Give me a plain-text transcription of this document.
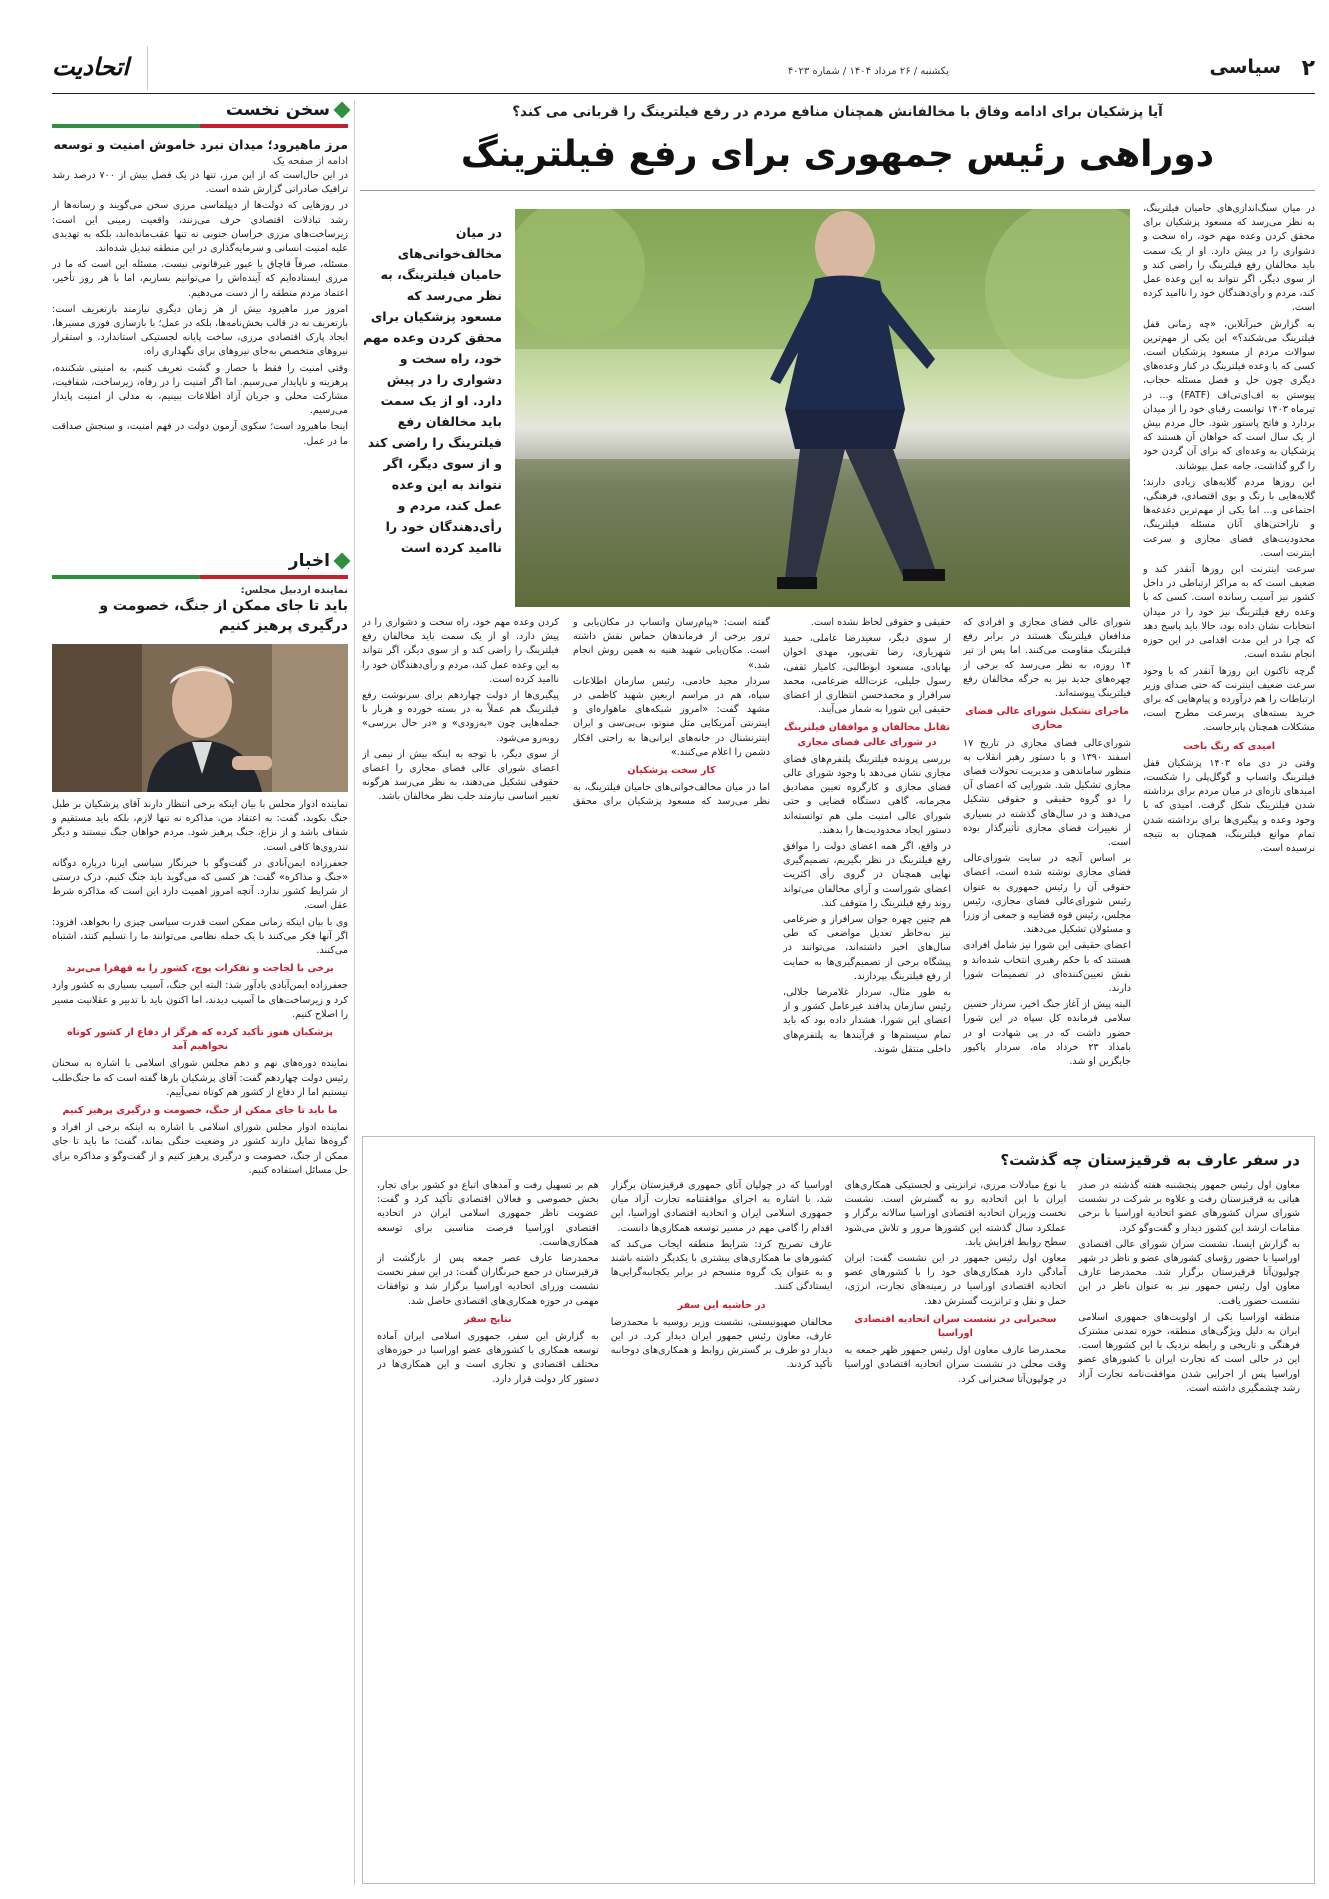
۲
سیاسی
یکشنبه / ۲۶ مرداد ۱۴۰۴ / شماره ۴۰۲۳
اتحادیت
آیا پزشکیان برای ادامه وفاق با مخالفانش همچنان منافع مردم در رفع فیلترینگ را قربانی می کند؟
دوراهی رئیس جمهوری برای رفع فیلترینگ
در میان مخالف‌خوانی‌های حامیان فیلترینگ، به نظر می‌رسد که مسعود پزشکیان برای محقق کردن وعده مهم خود، راه سخت و دشواری را در پیش دارد. او از یک سمت باید مخالفان رفع فیلترینگ را راضی کند و از سوی دیگر، اگر نتواند به این وعده عمل کند، مردم و رأی‌دهندگان خود را ناامید کرده است

در میان سنگ‌اندازی‌های حامیان فیلترینگ، به نظر می‌رسد که مسعود پزشکیان برای محقق کردن وعده مهم خود، راه سخت و دشواری را در پیش دارد. او از یک سمت باید مخالفان رفع فیلترینگ را راضی کند و از سوی دیگر، اگر نتواند به این وعده عمل کند، مردم و رأی‌دهندگان خود را ناامید کرده است.

به گزارش خبرآنلاین، «چه زمانی قفل فیلترینگ می‌شکند؟» این یکی از مهم‌ترین سوالات مردم از مسعود پزشکیان است. کسی که با وعده فیلترینگ در کنار وعده‌های دیگری چون حل و فصل مسئله حجاب، پیوستن به اف‌ای‌تی‌اف (FATF) و... در تیرماه ۱۴۰۳ توانست رقبای خود را از میدان بردارد و فاتح پاستور شود. حال مردم بیش از یک سال است که خواهان آن هستند که پزشکیان به وعده‌ای که برای آن گردن خود را گرو گذاشت، جامه عمل بپوشاند.

این روزها مردم گلایه‌های زیادی دارند؛ گلایه‌هایی با رنگ و بوی اقتصادی، فرهنگی، اجتماعی و... اما یکی از مهم‌ترین دغدغه‌ها و ناراحتی‌های آنان مسئله فیلترینگ، محدودیت‌های فضای مجازی و سرعت اینترنت است.

سرعت اینترنت این روزها آنقدر کند و ضعیف است که به مراکز ارتباطی در داخل کشور نیز آسیب رسانده است. کسی که با وعده رفع فیلترینگ نیز خود را در میدان انتخابات نشان داده بود، حالا باید پاسخ دهد که چرا در این مدت اقدامی در این حوزه انجام نشده است.

گرچه تاکنون این روزها آنقدر که با وجود سرعت ضعیف اینترنت که حتی صدای وزیر ارتباطات را هم درآورده و پیام‌هایی که برای خرید بسته‌های پرسرعت مطرح است، مشکلات همچنان پابرجاست.

امیدی که رنگ باخت

وقتی در دی ماه ۱۴۰۳ پزشکیان قفل فیلترینگ واتساپ و گوگل‌پلی را شکست، امیدهای تازه‌ای در میان مردم برای برداشته شدن فیلترینگ شکل گرفت. امیدی که با وجود وعده و پیگیری‌ها برای برداشته شدن تمام موانع فیلترینگ، همچنان به نتیجه نرسیده است.

شورای عالی فضای مجازی و افرادی که مدافعان فیلترینگ هستند در برابر رفع فیلترینگ مقاومت می‌کنند. اما پس از تیر ۱۴ روزه، به نظر می‌رسد که برخی از چهره‌های جدید نیز به جرگه مخالفان رفع فیلترینگ پیوسته‌اند.

ماجرای تشکیل شورای عالی فضای مجازی

شورای‌عالی فضای مجازی در تاریخ ۱۷ اسفند ۱۳۹۰ و با دستور رهبر انقلاب به منظور ساماندهی و مدیریت تحولات فضای مجازی تشکیل شد. شورایی که اعضای آن را دو گروه حقیقی و حقوقی تشکیل می‌دهند و در سال‌های گذشته در بسیاری از تغییرات فضای مجازی تأثیرگذار بوده است.

بر اساس آنچه در سایت شورای‌عالی فضای مجازی نوشته شده است، اعضای حقوقی آن را رئیس جمهوری به عنوان رئیس شورای‌عالی فضای مجازی، رئیس مجلس، رئیس قوه قضاییه و جمعی از وزرا و مسئولان تشکیل می‌دهند.

اعضای حقیقی این شورا نیز شامل افرادی هستند که با حکم رهبری انتخاب شده‌اند و نقش تعیین‌کننده‌ای در تصمیمات شورا دارند.

البته پیش از آغاز جنگ اخیر، سردار حسین سلامی فرمانده کل سپاه در این شورا حضور داشت که در پی شهادت او در بامداد ۲۳ خرداد ماه، سردار پاکپور جایگزین او شد.

حقیقی و حقوقی لحاظ نشده است.

از سوی دیگر، سعیدرضا عاملی، حمید شهریاری، رضا تقی‌پور، مهدی اخوان بهابادی، مسعود ابوطالبی، کامیار ثقفی، رسول جلیلی، عزت‌الله ضرغامی، محمد سرافراز و محمدحسن انتظاری از اعضای حقیقی این شورا به شمار می‌آیند.

تقابل مخالفان و موافقان فیلترینگ در شورای عالی فضای مجازی

بررسی پرونده فیلترینگ پلتفرم‌های فضای مجازی نشان می‌دهد با وجود شورای عالی فضای مجازی و کارگروه تعیین مصادیق مجرمانه، گاهی دستگاه قضایی و حتی شورای عالی امنیت ملی هم توانسته‌اند دستور ایجاد محدودیت‌ها را بدهند.

در واقع، اگر همه اعضای دولت را موافق رفع فیلترینگ در نظر بگیریم، تصمیم‌گیری نهایی همچنان در گروی رأی اکثریت اعضای شوراست و آرای مخالفان می‌تواند روند رفع فیلترینگ را متوقف کند.

هم چنین چهره جوان سرافراز و ضرغامی نیز به‌خاطر تعدیل مواضعی که طی سال‌های اخیر داشته‌اند، می‌توانند در پیشگاه برخی از تصمیم‌گیری‌ها به حمایت از رفع فیلترینگ بپردازند.

به طور مثال، سردار غلامرضا جلالی، رئیس سازمان پدافند غیرعامل کشور و از اعضای این شورا، هشدار داده بود که باید تمام سیستم‌ها و فرآیندها به پلتفرم‌های داخلی منتقل شوند.

گفته است: «پیام‌رسان واتساپ در مکان‌یابی و ترور برخی از فرماندهان حماس نقش داشته است. مکان‌یابی شهید هنیه به همین روش انجام شد.»

سردار مجید خادمی، رئیس سازمان اطلاعات سپاه، هم در مراسم اربعین شهید کاظمی در مشهد گفت: «امروز شبکه‌های ماهواره‌ای و اینترنتی آمریکایی مثل منوتو، بی‌بی‌سی و ایران اینترنشنال در خانه‌های ایرانی‌ها به راحتی افکار دشمن را اعلام می‌کنند.»

کار سخت پزشکیان

اما در میان مخالف‌خوانی‌های حامیان فیلترینگ، به نظر می‌رسد که مسعود پزشکیان برای محقق کردن وعده مهم خود، راه سخت و دشواری را در پیش دارد. او از یک سمت باید مخالفان رفع فیلترینگ را راضی کند و از سوی دیگر، اگر نتواند به این وعده عمل کند، مردم و رأی‌دهندگان خود را ناامید کرده است.

پیگیری‌ها از دولت چهاردهم برای سرنوشت رفع فیلترینگ هم عملاً به در بسته خورده و هربار با جمله‌هایی چون «به‌زودی» و «در حال بررسی» روبه‌رو می‌شود.

از سوی دیگر، با توجه به اینکه بیش از نیمی از اعضای شورای عالی فضای مجازی را اعضای حقوقی تشکیل می‌دهند، به نظر می‌رسد هرگونه تغییر اساسی نیازمند جلب نظر مخالفان باشد.

سخن نخست
مرز ماهیرود؛ میدان نبرد خاموش امنیت و توسعه
ادامه از صفحه یک

در این حال‌است که از این مرز، تنها در یک فصل بیش از ۷۰۰ درصد رشد ترافیک صادراتی گزارش شده است.

در روزهایی که دولت‌ها از دیپلماسی مرزی سخن می‌گویند و رسانه‌ها از رشد تبادلات اقتصادی حرف می‌زنند، واقعیت زمینی این است: زیرساخت‌های مرزی خراسان جنوبی نه تنها عقب‌مانده‌اند، بلکه به تهدیدی علیه امنیت انسانی و سرمایه‌گذاری در این منطقه تبدیل شده‌اند.

مسئله، صرفاً قاچاق یا عبور غیرقانونی نیست. مسئله این است که ما در مرزی ایستاده‌ایم که آینده‌اش را می‌توانیم بسازیم، اما با هر روز تأخیر، اعتماد مردم منطقه را از دست می‌دهیم.

امروز مرز ماهیرود بیش از هر زمان دیگری نیازمند بازتعریف است: بازتعریف نه در قالب بخش‌نامه‌ها، بلکه در عمل؛ با بازسازی فوری مسیرها، ایجاد پارک اقتصادی مرزی، ساخت پایانه لجستیکی استاندارد، و استقرار نیروهای متخصص به‌جای نیروهای برای نگهداری راه.

وقتی امنیت را فقط با حصار و گشت تعریف کنیم، به امنیتی شکننده، پرهزینه و ناپایدار می‌رسیم. اما اگر امنیت را در رفاه، زیرساخت، شفافیت، مشارکت محلی و جریان آزاد اطلاعات ببینیم، به مدلی از امنیت پایدار می‌رسیم.

اینجا ماهیرود است؛ سکوی آزمون دولت در فهم امنیت، و سنجش صداقت ما در عمل.

اخبار
نماینده اردبیل مجلس:
باید تا جای ممکن از جنگ، خصومت و درگیری پرهیز کنیم

نماینده ادوار مجلس با بیان اینکه برخی انتظار دارند آقای پزشکیان بر طبل جنگ بکوبد، گفت: به اعتقاد من، مذاکره نه تنها لازم، بلکه باید مستقیم و شفاف باشد و از نزاع، جنگ پرهیز شود. مردم خواهان جنگ نیستند و دیگر تندروی‌ها کافی است.

جعفرزاده ایمن‌آبادی در گفت‌وگو با خبرنگار سیاسی ایرنا درباره دوگانه «جنگ و مذاکره» گفت: هر کسی که می‌گوید باید جنگ کنیم، درک درستی از شرایط کشور ندارد. آنچه امروز اهمیت دارد این است که مذاکره شرط عقل است.

وی با بیان اینکه زمانی ممکن است قدرت سیاسی چیزی را بخواهد، افزود: اگر آنها فکر می‌کنند با یک حمله نظامی می‌توانند ما را تسلیم کنند، اشتباه می‌کنند.

برخی با لجاجت و تفکرات پوچ، کشور را به قهقرا می‌برند

جعفرزاده ایمن‌آبادی یادآور شد: البته این جنگ، آسیب بسیاری به کشور وارد کرد و زیرساخت‌های ما آسیب دیدند، اما اکنون باید با تدبیر و عقلانیت مسیر را اصلاح کنیم.

پزشکیان هنوز تأکید کرده که هرگز از دفاع از کشور کوتاه نخواهیم آمد

نماینده دوره‌های نهم و دهم مجلس شورای اسلامی با اشاره به سخنان رئیس دولت چهاردهم گفت: آقای پزشکیان بارها گفته است که ما جنگ‌طلب نیستیم اما از دفاع از کشور هم کوتاه نمی‌آییم.

ما باید تا جای ممکن از جنگ، خصومت و درگیری پرهیز کنیم

نماینده ادوار مجلس شورای اسلامی با اشاره به اینکه برخی از افراد و گروه‌ها تمایل دارند کشور در وضعیت جنگی بماند، گفت: ما باید تا جای ممکن از جنگ، خصومت و درگیری پرهیز کنیم و از گفت‌وگو و مذاکره برای حل مسائل استفاده کنیم.

در سفر عارف به قرقیزستان چه گذشت؟

معاون اول رئیس جمهور پنجشنبه هفته گذشته در صدر هیاتی به قرقیزستان رفت و علاوه بر شرکت در نشست شورای سران کشورهای عضو اتحادیه اوراسیا با برخی مقامات ارشد این کشور دیدار و گفت‌وگو کرد.

به گزارش ایسنا، نشست سران شورای عالی اقتصادی اوراسیا با حضور رؤسای کشورهای عضو و ناظر در شهر چولپون‌آتا قرقیزستان برگزار شد. محمدرضا عارف معاون اول رئیس جمهور نیز به عنوان ناظر در این نشست حضور یافت.

منطقه اوراسیا یکی از اولویت‌های جمهوری اسلامی ایران به دلیل ویژگی‌های منطقه، حوزه تمدنی مشترک فرهنگی و تاریخی و رابطه نزدیک با این کشورها است. این در حالی است که تجارت ایران با کشورهای عضو اوراسیا پس از اجرایی شدن موافقت‌نامه تجارت آزاد رشد چشمگیری داشته است.

با نوع مبادلات مرزی، ترانزیتی و لجستیکی همکاری‌های ایران با این اتحادیه رو به گسترش است. نشست نخست وزیران اتحادیه اقتصادی اوراسیا سالانه برگزار و عملکرد سال گذشته این کشورها مرور و تلاش می‌شود سطح روابط افزایش یابد.

معاون اول رئیس جمهور در این نشست گفت: ایران آمادگی دارد همکاری‌های خود را با کشورهای عضو اتحادیه اقتصادی اوراسیا در زمینه‌های تجارت، انرژی، حمل و نقل و ترانزیت گسترش دهد.

سخنرانی در نشست سران اتحادیه اقتصادی اوراسیا

محمدرضا عارف معاون اول رئیس جمهور ظهر جمعه به وقت محلی در نشست سران اتحادیه اقتصادی اوراسیا در چولپون‌آتا سخنرانی کرد.

اوراسیا که در چولپان آتای جمهوری قرقیزستان برگزار شد، با اشاره به اجرای موافقتنامه تجارت آزاد میان جمهوری اسلامی ایران و اتحادیه اقتصادی اوراسیا، این اقدام را گامی مهم در مسیر توسعه همکاری‌ها دانست.

عارف تصریح کرد: شرایط منطقه ایجاب می‌کند که کشورهای ما همکاری‌های بیشتری با یکدیگر داشته باشند و به عنوان یک گروه منسجم در برابر یکجانبه‌گرایی‌ها ایستادگی کنند.

در حاشیه این سفر

مخالفان صهیونیستی، نشست وزیر روسیه با محمدرضا عارف، معاون رئیس جمهور ایران دیدار کرد. در این دیدار دو طرف بر گسترش روابط و همکاری‌های دوجانبه تأکید کردند.

هم بر تسهیل رفت و آمدهای اتباع دو کشور برای تجار، بخش خصوصی و فعالان اقتصادی تأکید کرد و گفت: عضویت ناظر جمهوری اسلامی ایران در اتحادیه اقتصادی اوراسیا فرصت مناسبی برای توسعه همکاری‌هاست.

محمدرضا عارف عصر جمعه پس از بازگشت از قرقیزستان در جمع خبرنگاران گفت: در این سفر نخست نشست وزرای اتحادیه اوراسیا برگزار شد و توافقات مهمی در حوزه همکاری‌های اقتصادی حاصل شد.

نتایج سفر

به گزارش این سفر، جمهوری اسلامی ایران آماده توسعه همکاری با کشورهای عضو اوراسیا در حوزه‌های مختلف اقتصادی و تجاری است و این همکاری‌ها در دستور کار دولت قرار دارد.
